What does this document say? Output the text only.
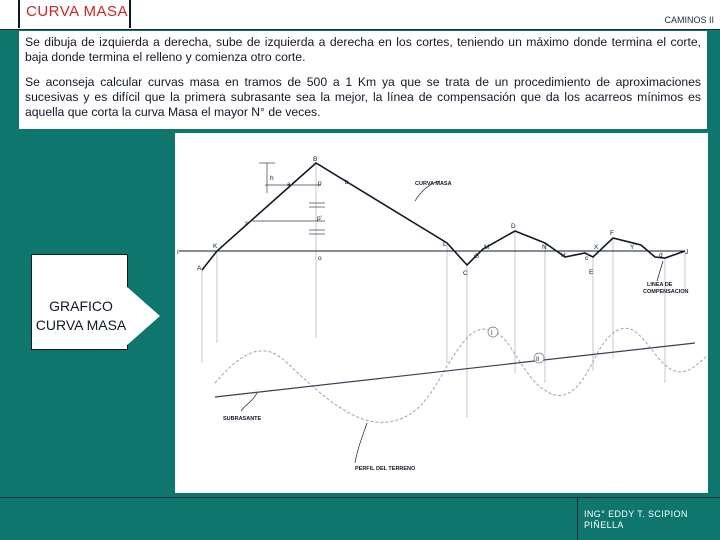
CURVA MASA	CAMINOS II

Se dibuja de izquierda a derecha, sube de izquierda a derecha en los cortes, teniendo un máximo donde termina el corte, baja donde termina el relleno y comienza otro corte.

Se aconseja calcular curvas masa en tramos de 500 a 1 Km ya que se trata de un procedimiento de aproximaciones sucesivas y es difícil que la primera subrasante sea la mejor, la línea de compensación que da los acarreos mínimos es aquella que corta la curva Masa el mayor N° de veces.

A
B
C
D
E
F
G	H
I	J
K	L	M	N	X	Y
a	b
c	d
h
p
p'
o
s
CURVA MASA
LINEA DE
COMPENSACION
SUBRASANTE
PERFIL DEL TERRENO
I
II
GRAFICO
CURVA MASA
ING° EDDY T. SCIPION
PIÑELLA
